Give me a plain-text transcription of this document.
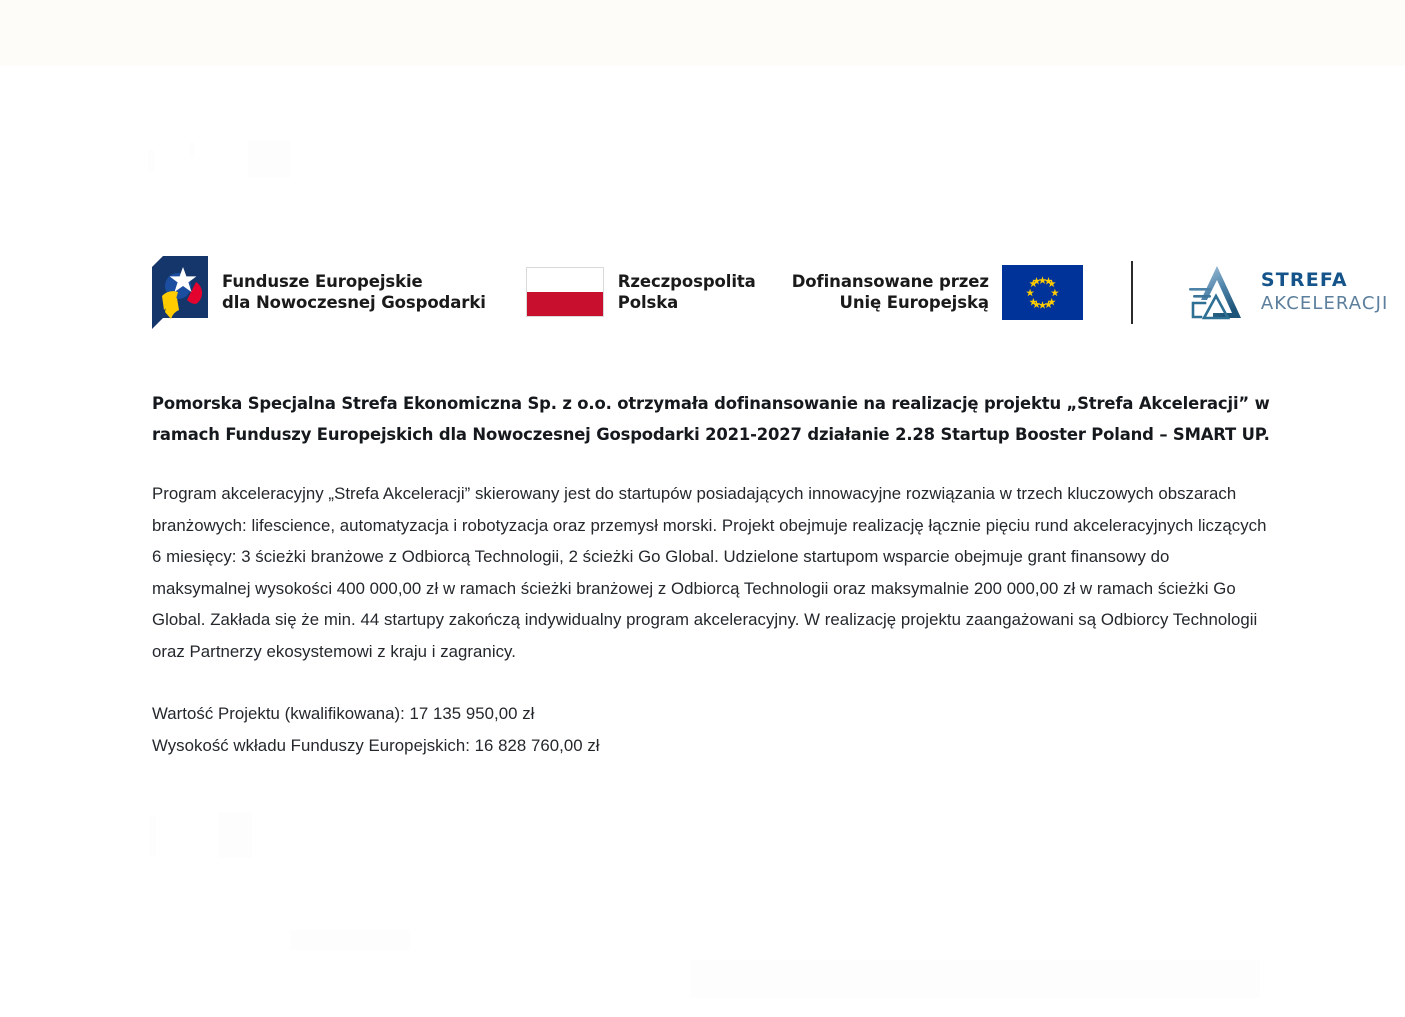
Fundusze Europejskie
dla Nowoczesnej Gospodarki
Rzeczpospolita
Polska
Dofinansowane przez
Unię Europejską
STREFA
AKCELERACJI

Pomorska Specjalna Strefa Ekonomiczna Sp. z o.o. otrzymała dofinansowanie na realizację projektu „Strefa Akceleracji” w ramach Funduszy Europejskich dla Nowoczesnej Gospodarki 2021-2027 działanie 2.28 Startup Booster Poland – SMART UP.

Program akceleracyjny „Strefa Akceleracji” skierowany jest do startupów posiadających innowacyjne rozwiązania w trzech kluczowych obszarach branżowych: lifescience, automatyzacja i robotyzacja oraz przemysł morski. Projekt obejmuje realizację łącznie pięciu rund akceleracyjnych liczących 6 miesięcy: 3 ścieżki branżowe z Odbiorcą Technologii, 2 ścieżki Go Global. Udzielone startupom wsparcie obejmuje grant finansowy do maksymalnej wysokości 400 000,00 zł w ramach ścieżki branżowej z Odbiorcą Technologii oraz maksymalnie 200 000,00 zł w ramach ścieżki Go Global. Zakłada się że min. 44 startupy zakończą indywidualny program akceleracyjny. W realizację projektu zaangażowani są Odbiorcy Technologii oraz Partnerzy ekosystemowi z kraju i zagranicy.

Wartość Projektu (kwalifikowana): 17 135 950,00 zł
Wysokość wkładu Funduszy Europejskich: 16 828 760,00 zł
